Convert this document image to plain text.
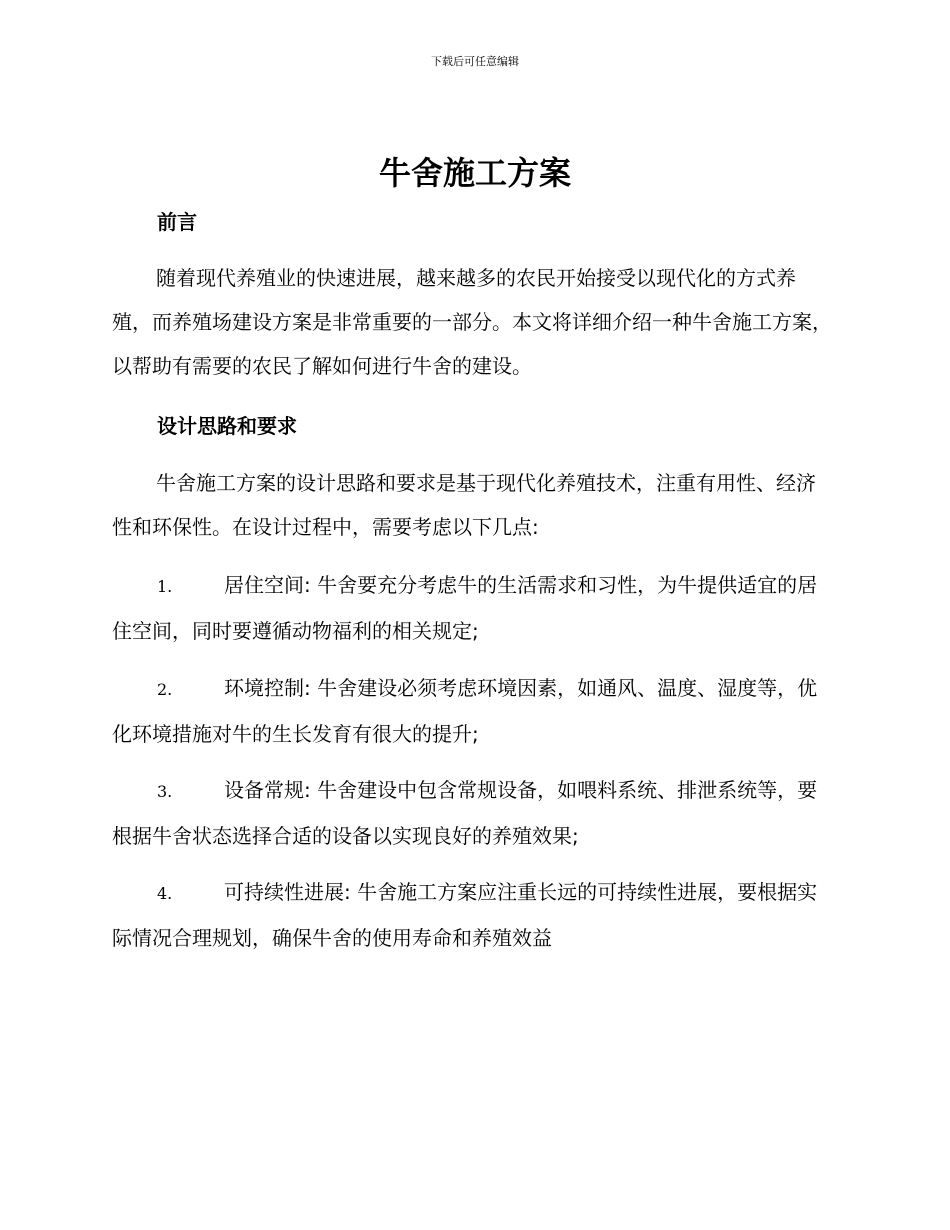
下载后可任意编辑
牛舍施工方案
前言

随着现代养殖业的快速进展，越来越多的农民开始接受以现代化的方式养殖，而养殖场建设方案是非常重要的一部分。本文将详细介绍一种牛舍施工方案，以帮助有需要的农民了解如何进行牛舍的建设。

设计思路和要求

牛舍施工方案的设计思路和要求是基于现代化养殖技术，注重有用性、经济性和环保性。在设计过程中，需要考虑以下几点:

1.	居住空间: 牛舍要充分考虑牛的生活需求和习性，为牛提供适宜的居住空间，同时要遵循动物福利的相关规定;
2.	环境控制: 牛舍建设必须考虑环境因素，如通风、温度、湿度等，优化环境措施对牛的生长发育有很大的提升;
3.	设备常规: 牛舍建设中包含常规设备，如喂料系统、排泄系统等，要根据牛舍状态选择合适的设备以实现良好的养殖效果;
4.	可持续性进展: 牛舍施工方案应注重长远的可持续性进展，要根据实际情况合理规划，确保牛舍的使用寿命和养殖效益
